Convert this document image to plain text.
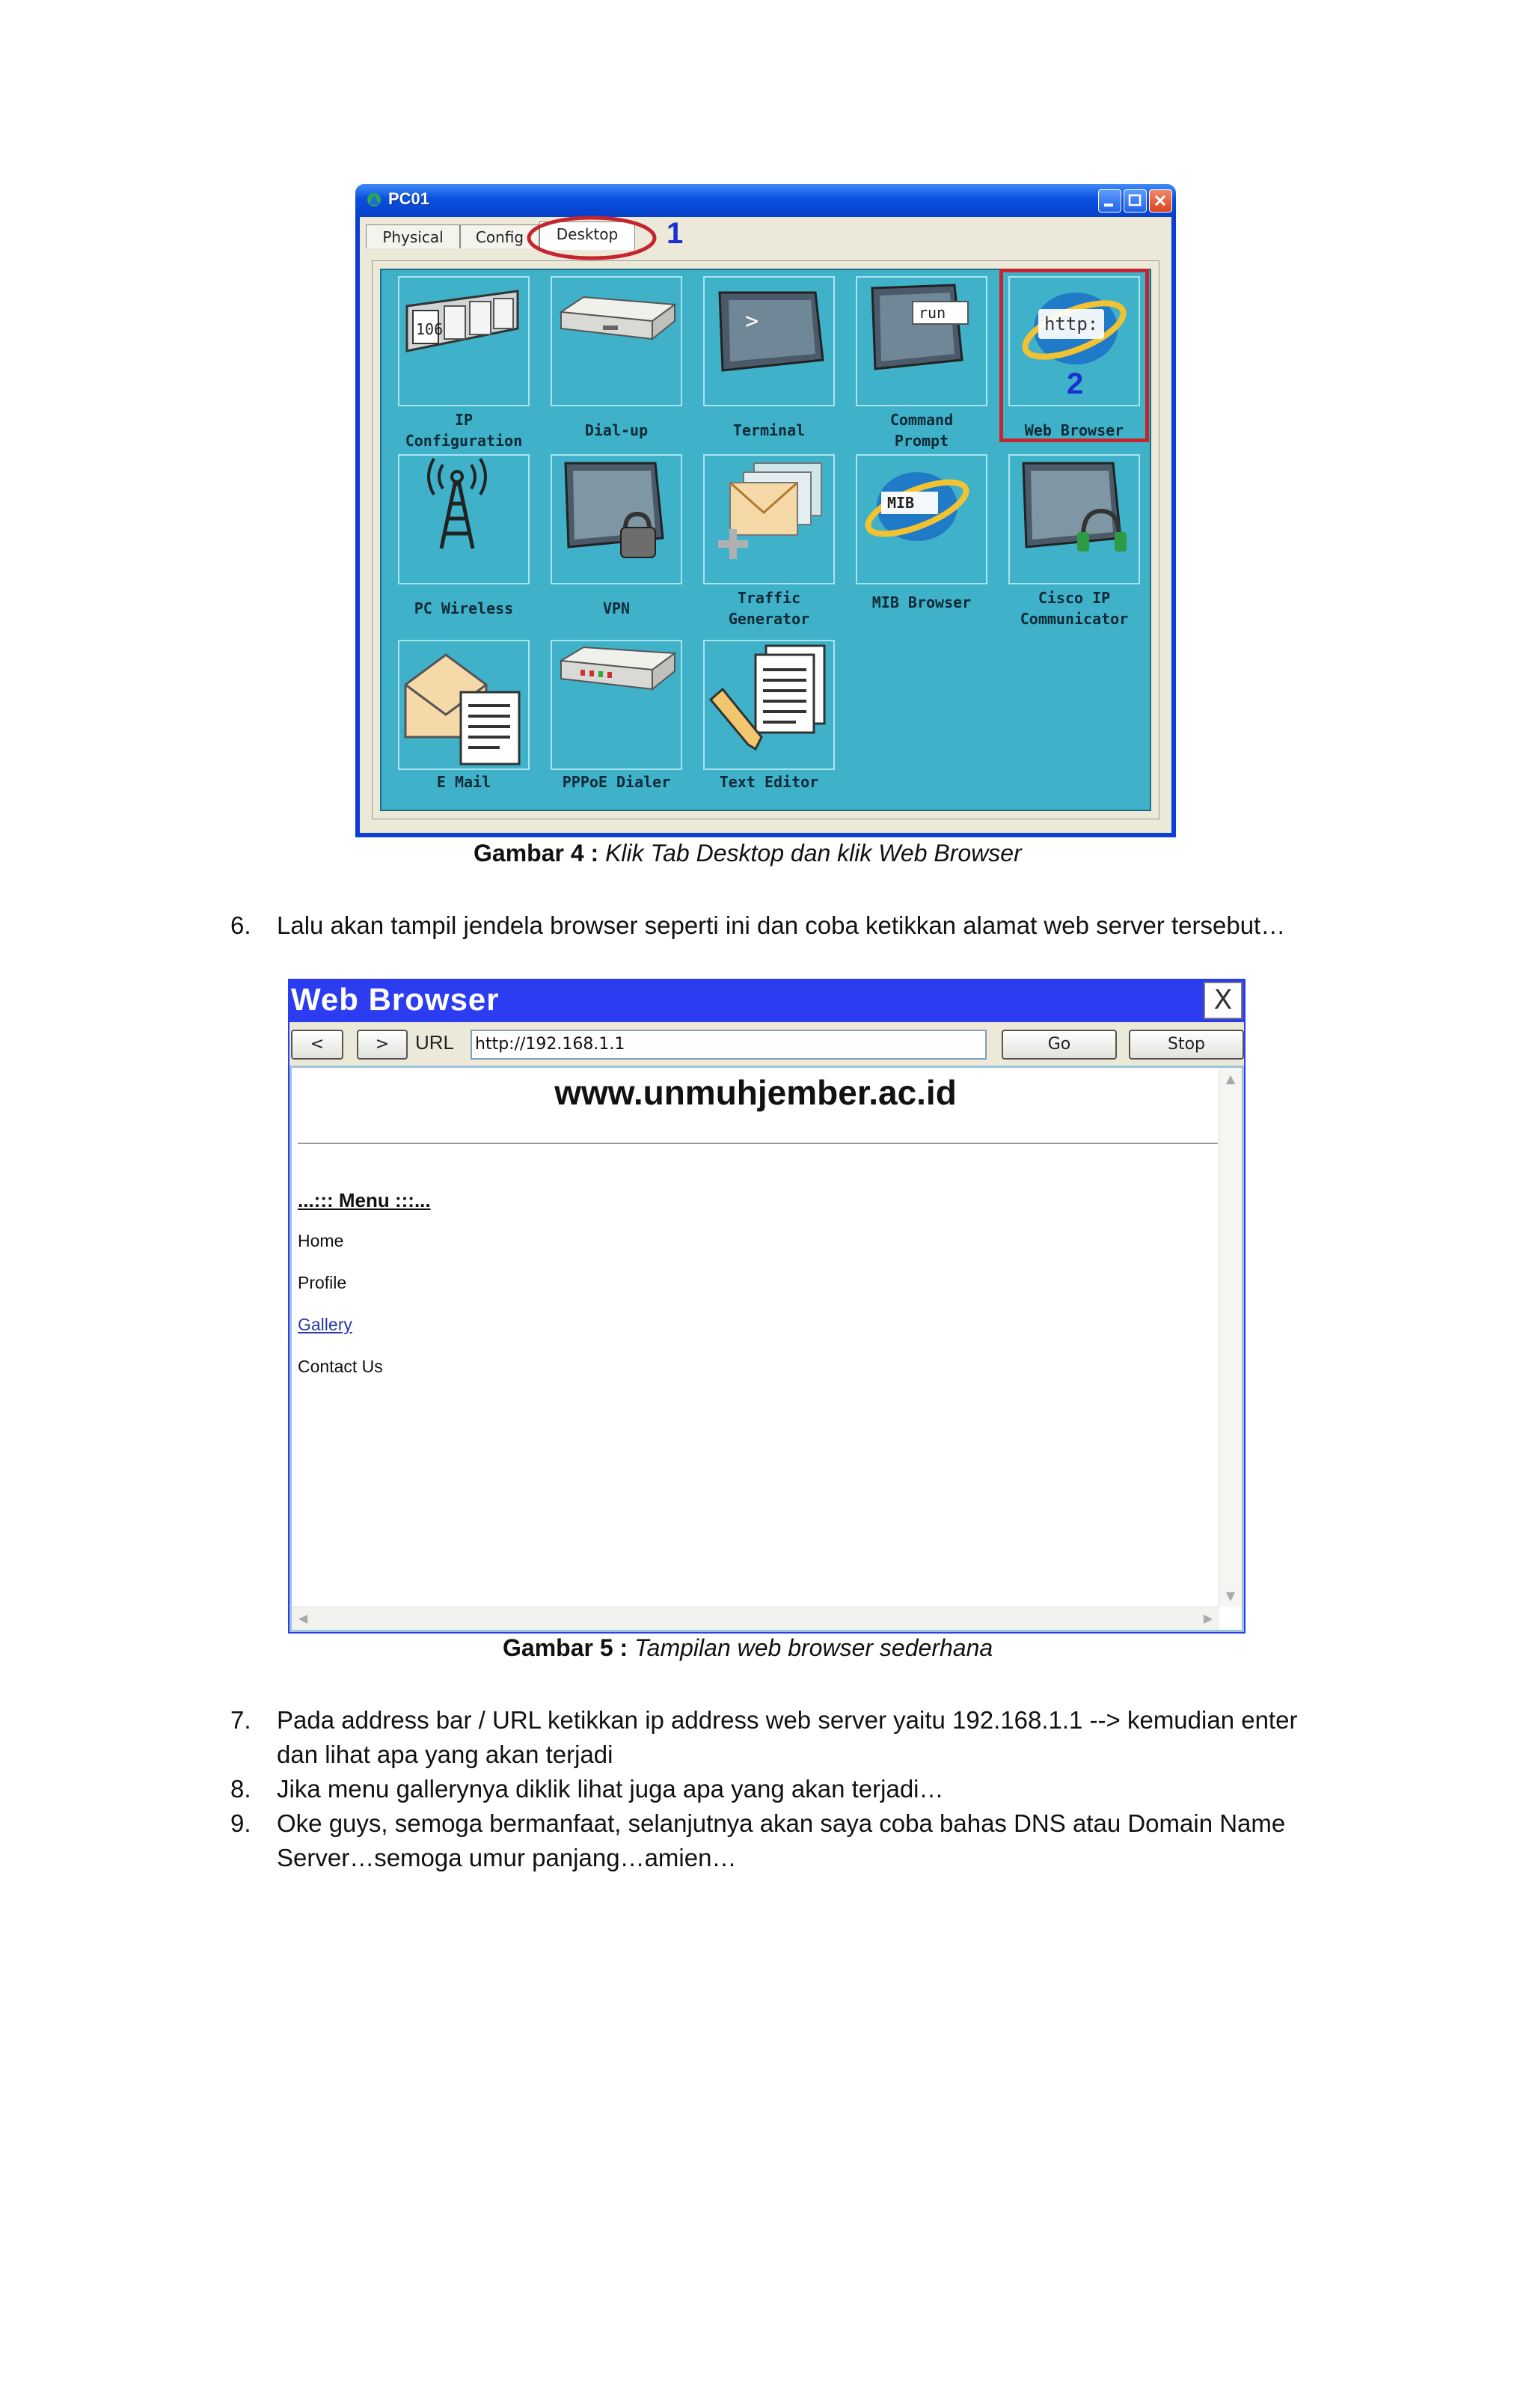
PC01
Physical	Config	Desktop	1
106
IP
Configuration
Dial-up
>
Terminal
run
Command
Prompt
http:
Web Browser
2
PC Wireless	VPN
Traffic
Generator
MIB
MIB Browser	Cisco IP
Communicator
E Mail	PPPoE Dialer	Text Editor
Gambar 4 : Klik Tab Desktop dan klik Web Browser
6.	Lalu akan tampil jendela browser seperti ini dan coba ketikkan alamat web server tersebut…
Web Browser	X
<	>	URL http://192.168.1.1	Go	Stop
www.unmuhjember.ac.id
...::: Menu :::...
Home
Profile
Gallery
Contact Us
▲
▼
◀	▶
Gambar 5 : Tampilan web browser sederhana
7.	Pada address bar / URL ketikkan ip address web server yaitu 192.168.1.1 --> kemudian enter
dan lihat apa yang akan terjadi
8.	Jika menu gallerynya diklik lihat juga apa yang akan terjadi…
9.	Oke guys, semoga bermanfaat, selanjutnya akan saya coba bahas DNS atau Domain Name
Server…semoga umur panjang…amien…
